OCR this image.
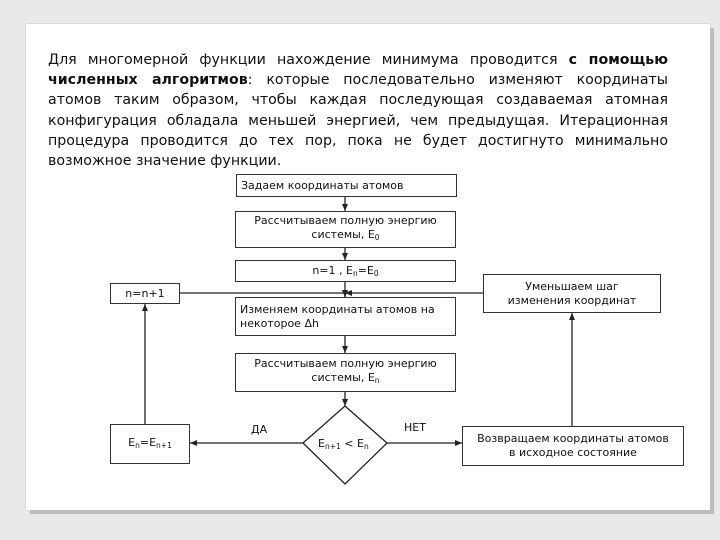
Для многомерной функции нахождение минимума проводится с помощью численных алгоритмов: которые последовательно изменяют координаты атомов таким образом, чтобы каждая последующая создаваемая атомная конфигурация обладала меньшей энергией, чем предыдущая. Итерационная процедура проводится до тех пор, пока не будет достигнуто минимально возможное значение функции.
Задаем координаты атомов
Рассчитываем полную энергию
системы, $E_0$
n=1 , $E_n=E_0$
n=n+1
Изменяем координаты атомов на
некоторое Δh
Уменьшаем шаг
изменения координат
Рассчитываем полную энергию
системы, $E_n$
$E_n=E_{n+1}$	$E_{n+1} < E_n$
ДА	НЕТ
Возвращаем координаты атомов
в исходное состояние
